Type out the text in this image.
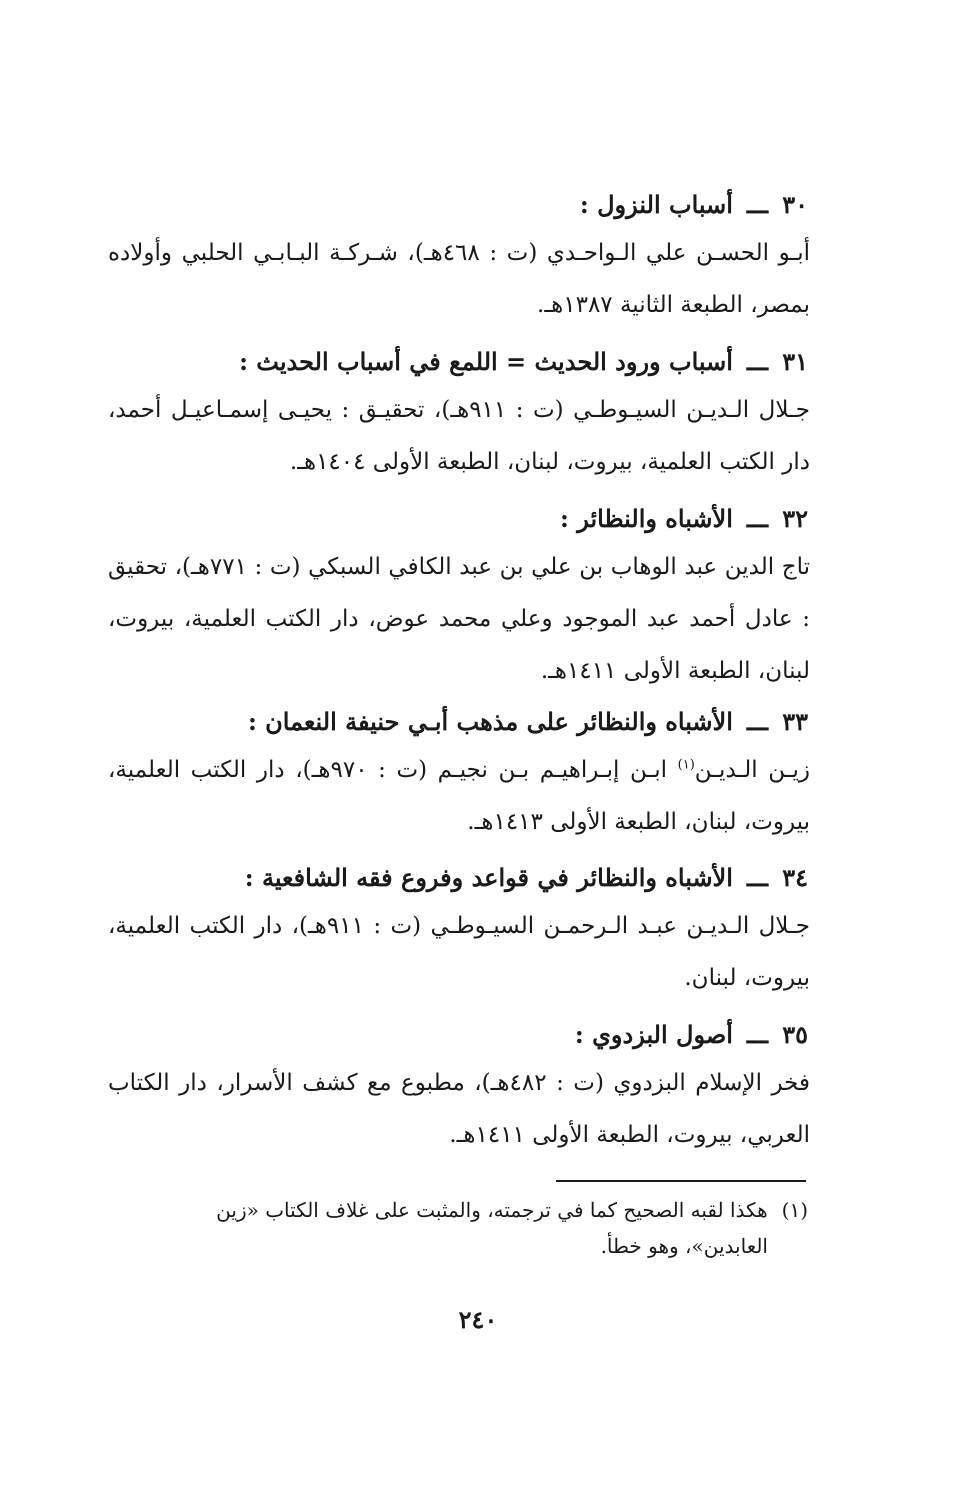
٣٠ـــأسباب النزول :
أبـو الحسـن علي الـواحـدي (ت : ٤٦٨هـ)، شـركـة البـابـي الحلبي وأولاده بمصر، الطبعة الثانية ١٣٨٧هـ.
٣١ـــأسباب ورود الحديث = اللمع في أسباب الحديث :
جـلال الـديـن السيـوطـي (ت : ٩١١هـ)، تحقيـق : يحيـى إسمـاعيـل أحمد، دار الكتب العلمية، بيروت، لبنان، الطبعة الأولى ١٤٠٤هـ.
٣٢ـــالأشباه والنظائر :
تاج الدين عبد الوهاب بن علي بن عبد الكافي السبكي (ت : ٧٧١هـ)، تحقيق : عادل أحمد عبد الموجود وعلي محمد عوض، دار الكتب العلمية، بيروت، لبنان، الطبعة الأولى ١٤١١هـ.
٣٣ـــالأشباه والنظائر على مذهب أبـي حنيفة النعمان :
زيـن الـديـن$^{(١)}$ ابـن إبـراهيـم بـن نجيـم (ت : ٩٧٠هـ)، دار الكتب العلمية، بيروت، لبنان، الطبعة الأولى ١٤١٣هـ.
٣٤ـــالأشباه والنظائر في قواعد وفروع فقه الشافعية :
جـلال الـديـن عبـد الـرحمـن السيـوطـي (ت : ٩١١هـ)، دار الكتب العلمية، بيروت، لبنان.
٣٥ـــأصول البزدوي :
فخر الإسلام البزدوي (ت : ٤٨٢هـ)، مطبوع مع كشف الأسرار، دار الكتاب العربي، بيروت، الطبعة الأولى ١٤١١هـ.
(١)هكذا لقبه الصحيح كما في ترجمته، والمثبت على غلاف الكتاب «زين
العابدين»، وهو خطأ.
٢٤٠
